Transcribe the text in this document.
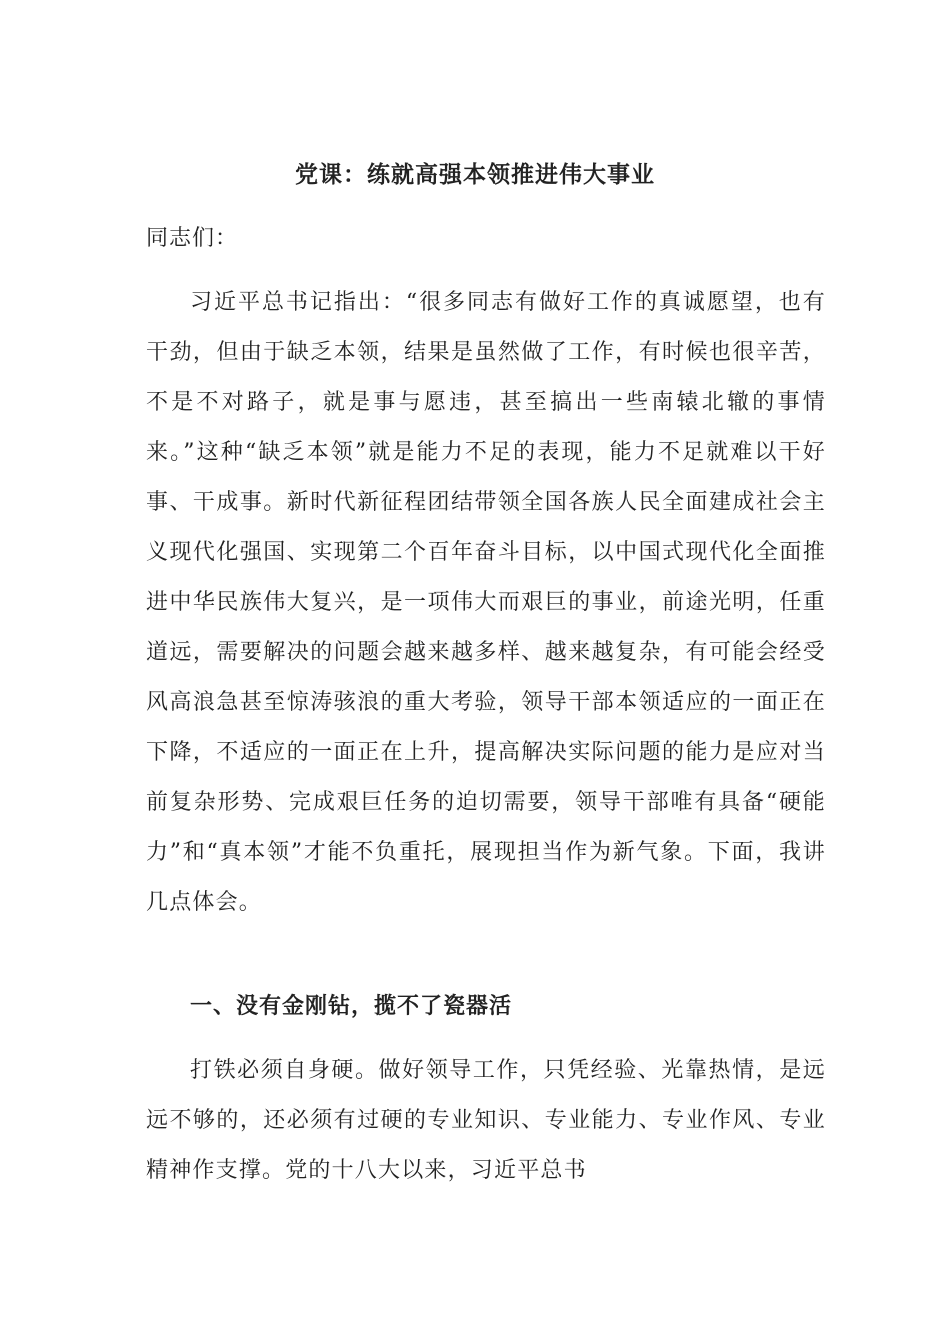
党课：练就高强本领推进伟大事业
同志们：

习近平总书记指出：“很多同志有做好工作的真诚愿望，也有干劲，但由于缺乏本领，结果是虽然做了工作，有时候也很辛苦，不是不对路子，就是事与愿违，甚至搞出一些南辕北辙的事情来。”这种“缺乏本领”就是能力不足的表现，能力不足就难以干好事、干成事。新时代新征程团结带领全国各族人民全面建成社会主义现代化强国、实现第二个百年奋斗目标，以中国式现代化全面推进中华民族伟大复兴，是一项伟大而艰巨的事业，前途光明，任重道远，需要解决的问题会越来越多样、越来越复杂，有可能会经受风高浪急甚至惊涛骇浪的重大考验，领导干部本领适应的一面正在下降，不适应的一面正在上升，提高解决实际问题的能力是应对当前复杂形势、完成艰巨任务的迫切需要，领导干部唯有具备“硬能力”和“真本领”才能不负重托，展现担当作为新气象。下面，我讲几点体会。

一、没有金刚钻，揽不了瓷器活

打铁必须自身硬。做好领导工作，只凭经验、光靠热情，是远远不够的，还必须有过硬的专业知识、专业能力、专业作风、专业精神作支撑。党的十八大以来，习近平总书
